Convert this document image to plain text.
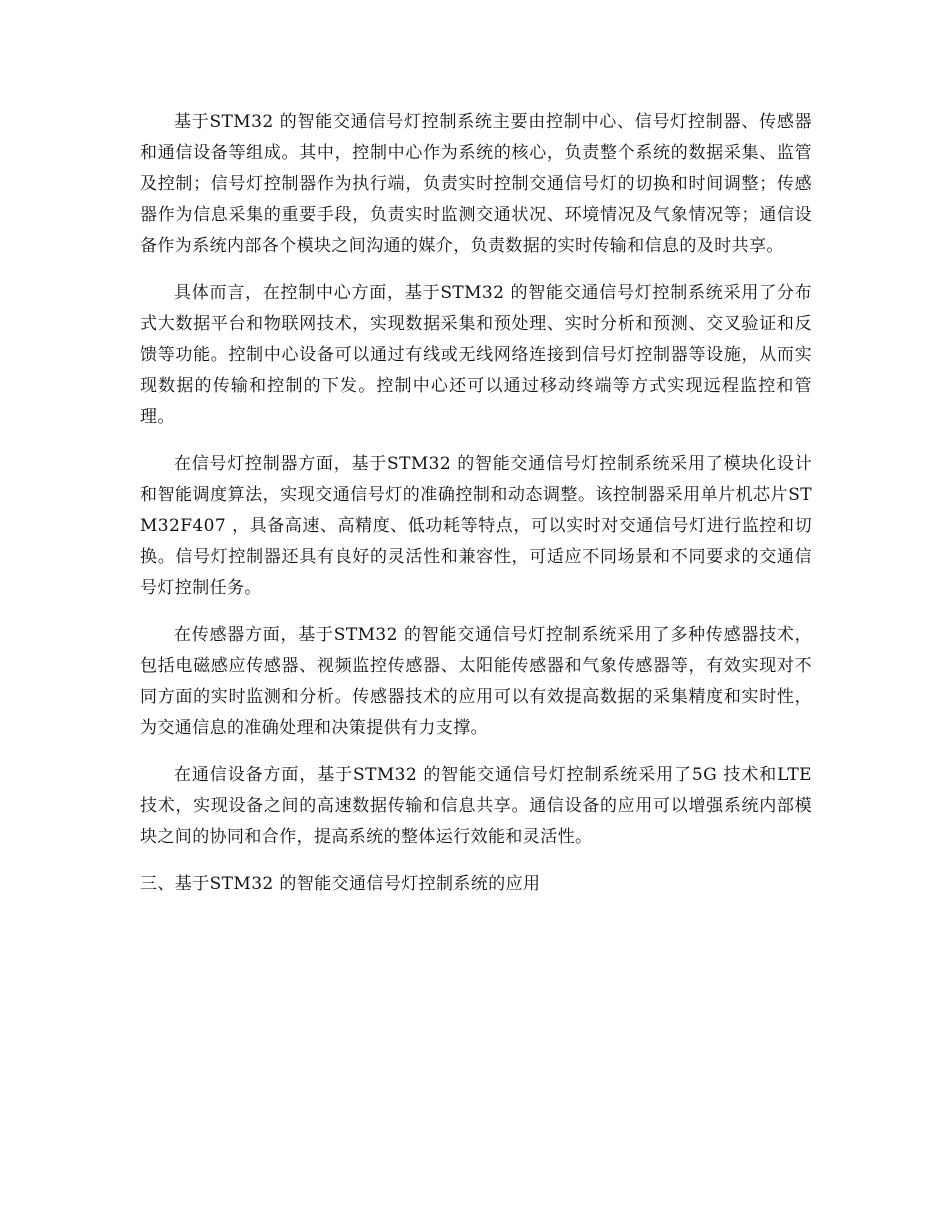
基于STM32 的智能交通信号灯控制系统主要由控制中心、信号灯控制器、传感器和通信设备等组成。其中，控制中心作为系统的核心，负责整个系统的数据采集、监管及控制；信号灯控制器作为执行端，负责实时控制交通信号灯的切换和时间调整；传感器作为信息采集的重要手段，负责实时监测交通状况、环境情况及气象情况等；通信设备作为系统内部各个模块之间沟通的媒介，负责数据的实时传输和信息的及时共享。

具体而言，在控制中心方面，基于STM32 的智能交通信号灯控制系统采用了分布式大数据平台和物联网技术，实现数据采集和预处理、实时分析和预测、交叉验证和反馈等功能。控制中心设备可以通过有线或无线网络连接到信号灯控制器等设施，从而实现数据的传输和控制的下发。控制中心还可以通过移动终端等方式实现远程监控和管理。

在信号灯控制器方面，基于STM32 的智能交通信号灯控制系统采用了模块化设计和智能调度算法，实现交通信号灯的准确控制和动态调整。该控制器采用单片机芯片STM32F407 ，具备高速、高精度、低功耗等特点，可以实时对交通信号灯进行监控和切换。信号灯控制器还具有良好的灵活性和兼容性，可适应不同场景和不同要求的交通信号灯控制任务。

在传感器方面，基于STM32 的智能交通信号灯控制系统采用了多种传感器技术，包括电磁感应传感器、视频监控传感器、太阳能传感器和气象传感器等，有效实现对不同方面的实时监测和分析。传感器技术的应用可以有效提高数据的采集精度和实时性，为交通信息的准确处理和决策提供有力支撑。

在通信设备方面，基于STM32 的智能交通信号灯控制系统采用了5G 技术和LTE 技术，实现设备之间的高速数据传输和信息共享。通信设备的应用可以增强系统内部模块之间的协同和合作，提高系统的整体运行效能和灵活性。

三、基于STM32 的智能交通信号灯控制系统的应用
